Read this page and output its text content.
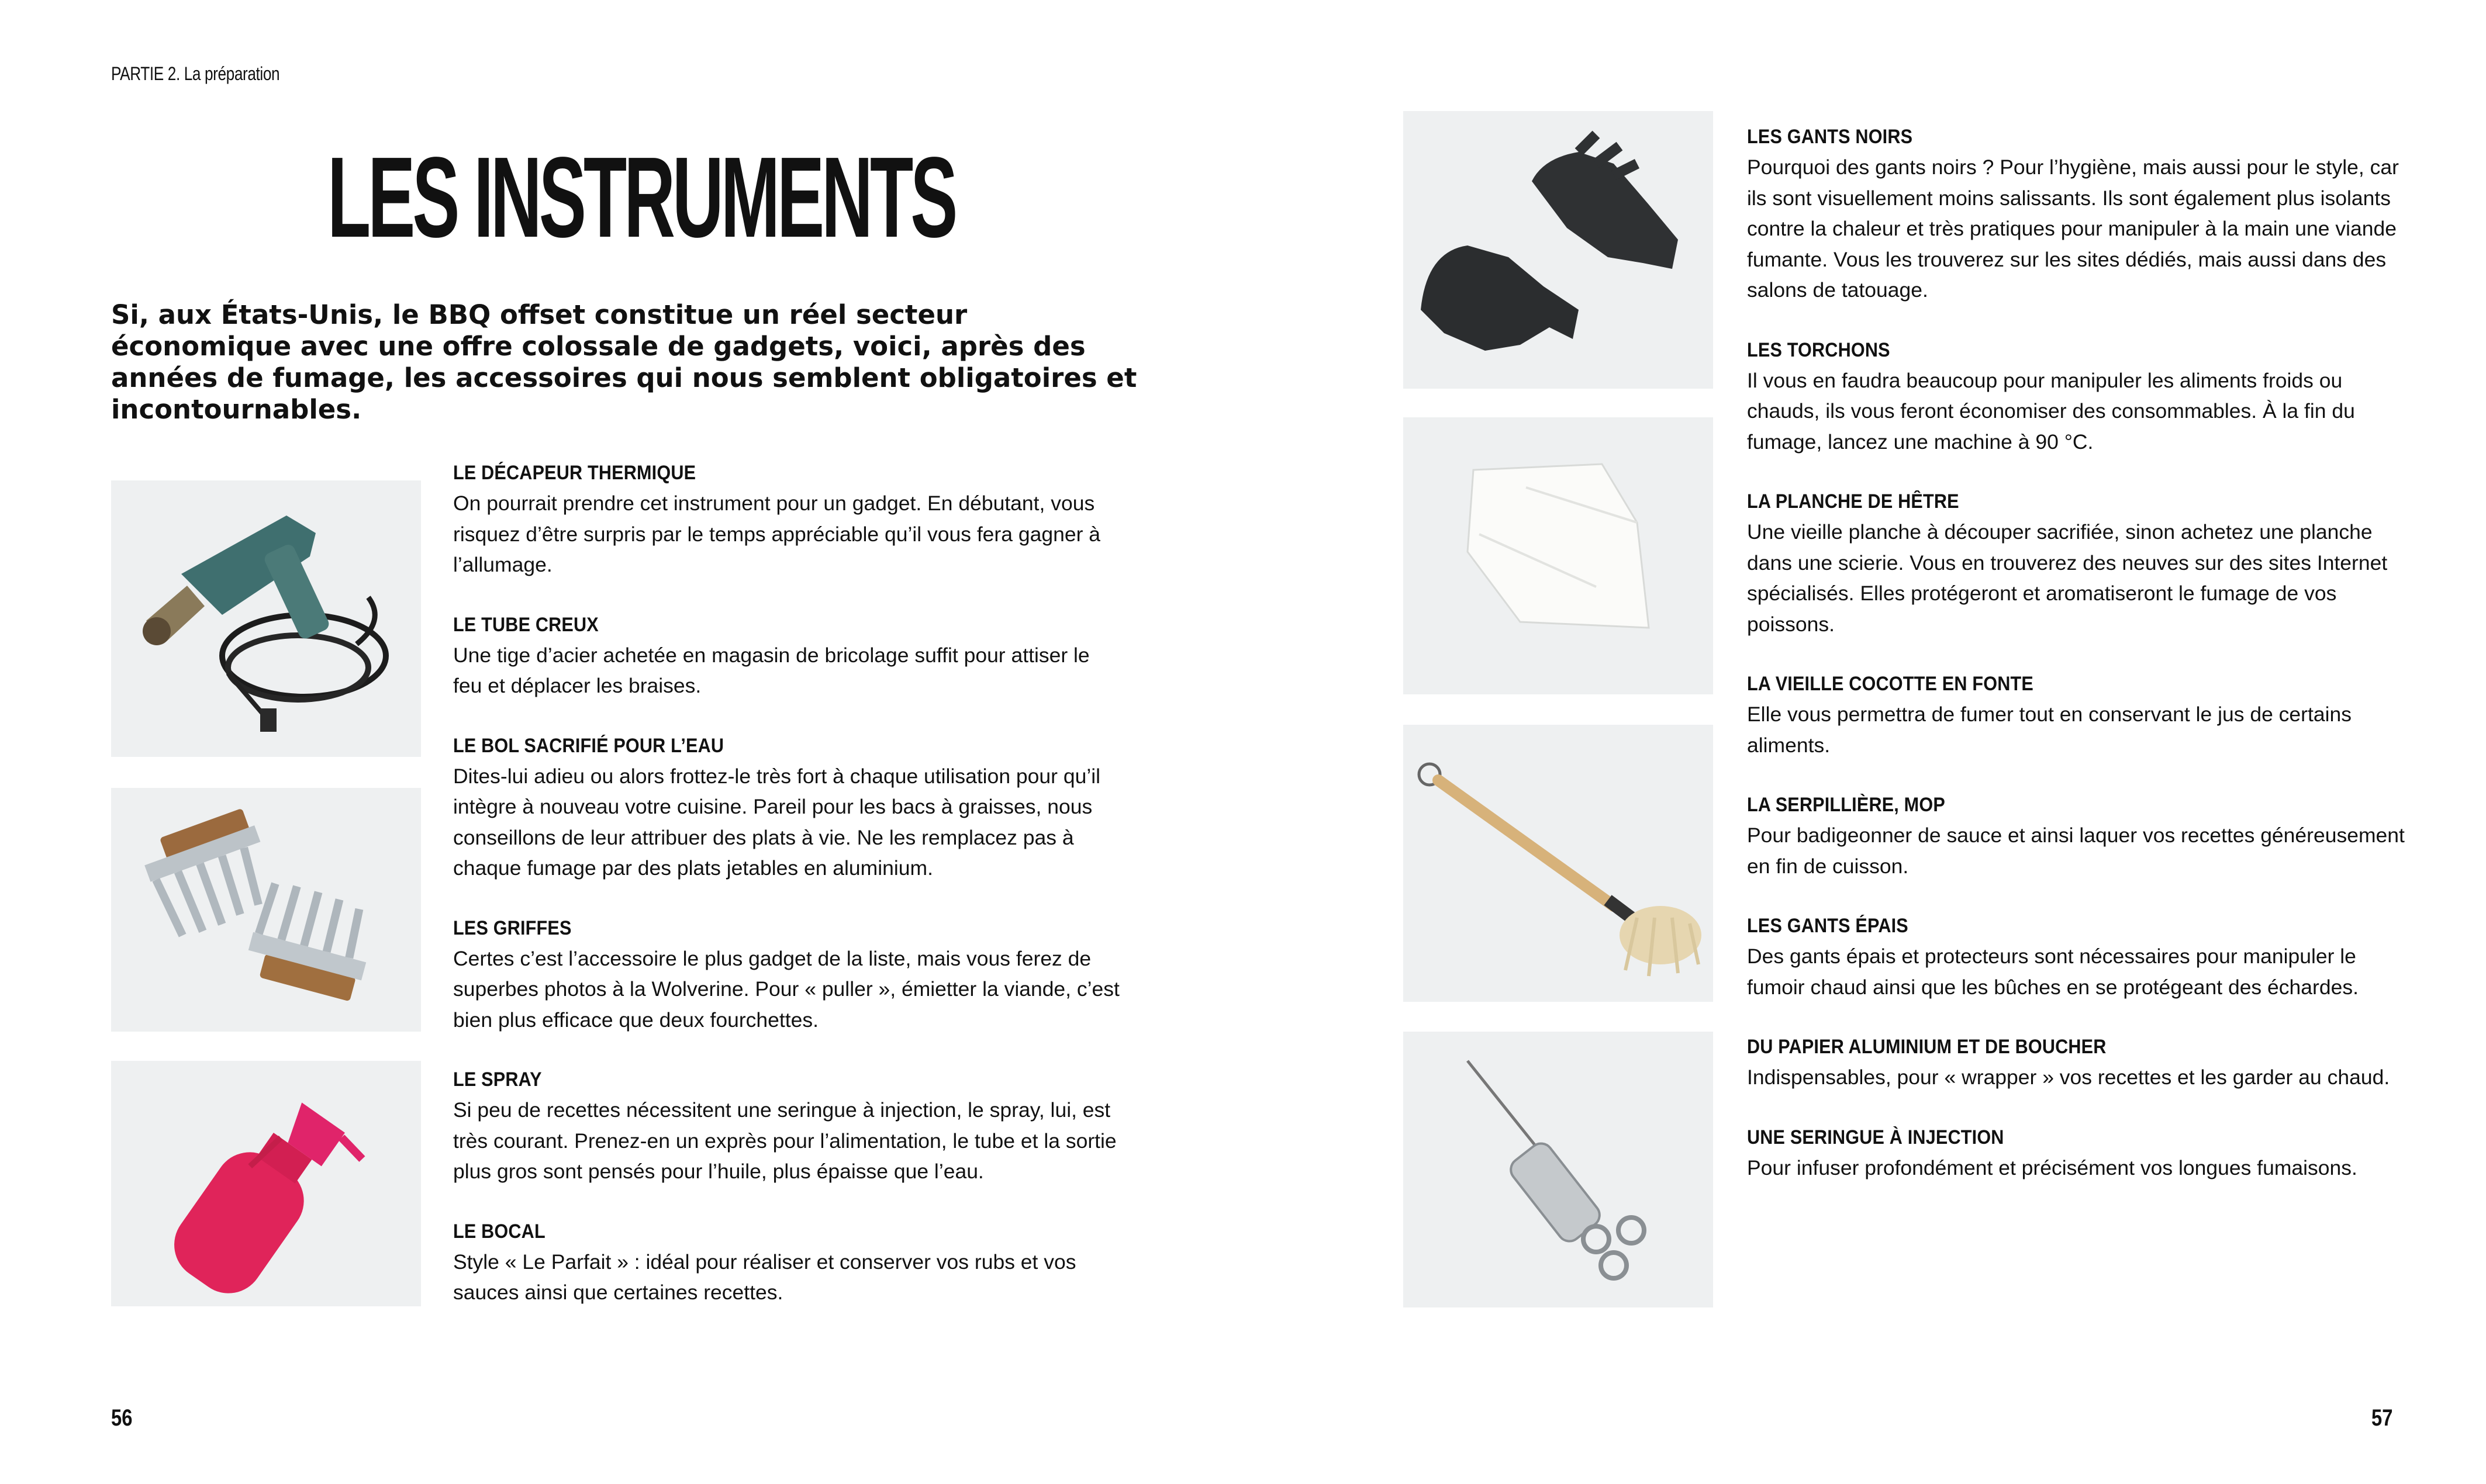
PARTIE 2. La préparation
LES INSTRUMENTS
Si, aux États-Unis, le BBQ offset constitue un réel secteur économique avec une offre colossale de gadgets, voici, après des années de fumage, les accessoires qui nous semblent obligatoires et incontournables.
LE DÉCAPEUR THERMIQUE
On pourrait prendre cet instrument pour un gadget. En débutant, vous risquez d’être surpris par le temps appréciable qu’il vous fera gagner à l’allumage.
LE TUBE CREUX
Une tige d’acier achetée en magasin de bricolage suffit pour attiser le feu et déplacer les braises.
LE BOL SACRIFIÉ POUR L’EAU
Dites-lui adieu ou alors frottez-le très fort à chaque utilisation pour qu’il intègre à nouveau votre cuisine. Pareil pour les bacs à graisses, nous conseillons de leur attribuer des plats à vie. Ne les remplacez pas à chaque fumage par des plats jetables en aluminium.
LES GRIFFES
Certes c’est l’accessoire le plus gadget de la liste, mais vous ferez de superbes photos à la Wolverine. Pour « puller », émietter la viande, c’est bien plus efficace que deux fourchettes.
LE SPRAY
Si peu de recettes nécessitent une seringue à injection, le spray, lui, est très courant. Prenez-en un exprès pour l’alimentation, le tube et la sortie plus gros sont pensés pour l’huile, plus épaisse que l’eau.
LE BOCAL
Style « Le Parfait » : idéal pour réaliser et conserver vos rubs et vos sauces ainsi que certaines recettes.
56
LES GANTS NOIRS
Pourquoi des gants noirs ? Pour l’hygiène, mais aussi pour le style, car ils sont visuellement moins salissants. Ils sont également plus isolants contre la chaleur et très pratiques pour manipuler à la main une viande fumante. Vous les trouverez sur les sites dédiés, mais aussi dans des salons de tatouage.
LES TORCHONS
Il vous en faudra beaucoup pour manipuler les aliments froids ou chauds, ils vous feront économiser des consommables. À la fin du fumage, lancez une machine à 90 °C.
LA PLANCHE DE HÊTRE
Une vieille planche à découper sacrifiée, sinon achetez une planche dans une scierie. Vous en trouverez des neuves sur des sites Internet spécialisés. Elles protégeront et aromatiseront le fumage de vos poissons.
LA VIEILLE COCOTTE EN FONTE
Elle vous permettra de fumer tout en conservant le jus de certains aliments.
LA SERPILLIÈRE, MOP
Pour badigeonner de sauce et ainsi laquer vos recettes généreusement en fin de cuisson.
LES GANTS ÉPAIS
Des gants épais et protecteurs sont nécessaires pour manipuler le fumoir chaud ainsi que les bûches en se protégeant des échardes.
DU PAPIER ALUMINIUM ET DE BOUCHER
Indispensables, pour « wrapper » vos recettes et les garder au chaud.
UNE SERINGUE À INJECTION
Pour infuser profondément et précisément vos longues fumaisons.
57
